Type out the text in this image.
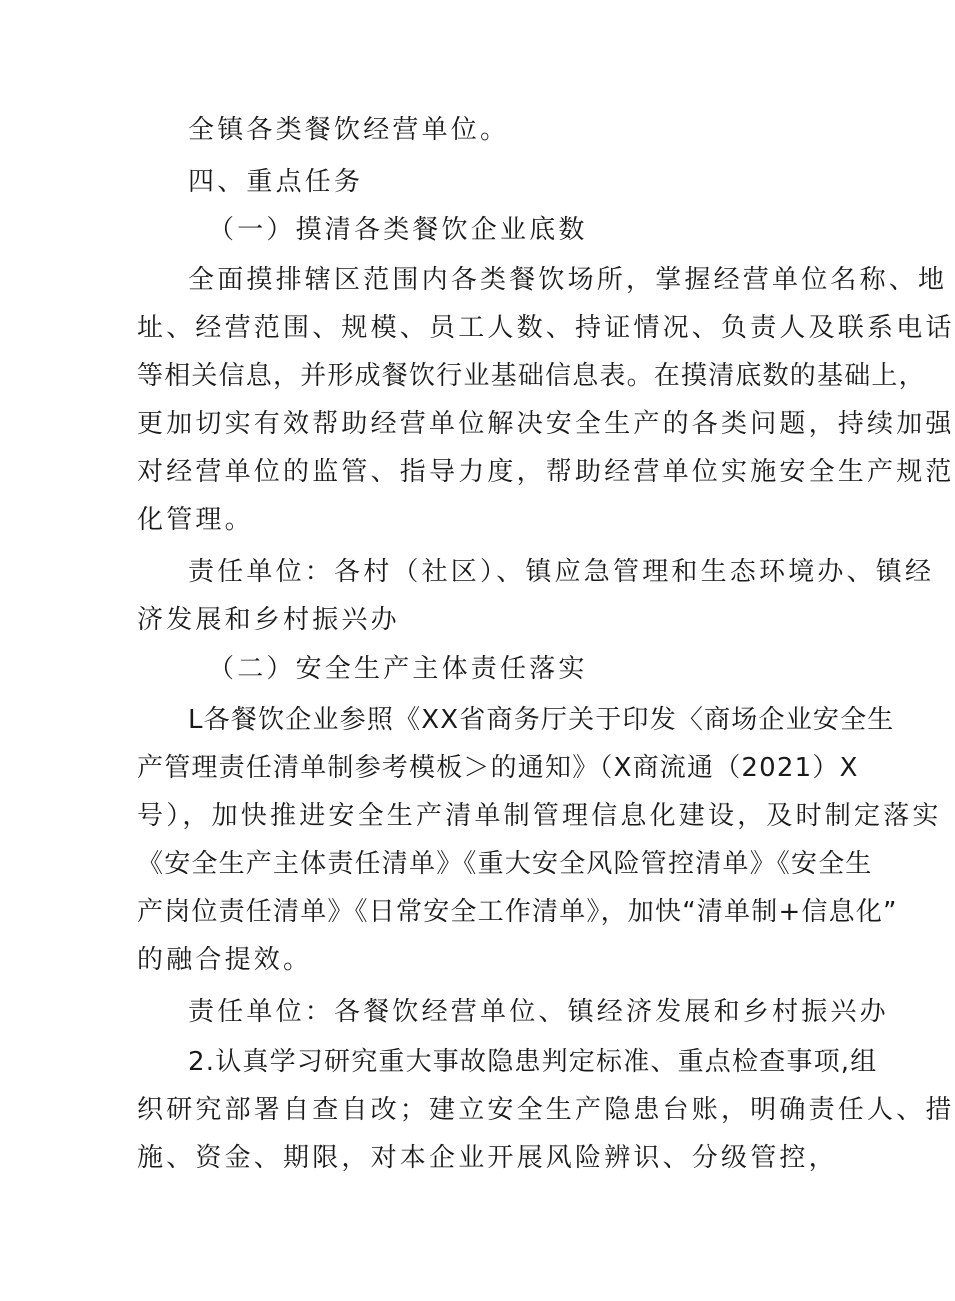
全镇各类餐饮经营单位。
四、重点任务
（一）摸清各类餐饮企业底数
全面摸排辖区范围内各类餐饮场所，掌握经营单位名称、地
址、经营范围、规模、员工人数、持证情况、负责人及联系电话
等相关信息，并形成餐饮行业基础信息表。在摸清底数的基础上，
更加切实有效帮助经营单位解决安全生产的各类问题，持续加强
对经营单位的监管、指导力度，帮助经营单位实施安全生产规范
化管理。
责任单位：各村（社区）、镇应急管理和生态环境办、镇经
济发展和乡村振兴办
（二）安全生产主体责任落实
L各餐饮企业参照《XX省商务厅关于印发〈商场企业安全生
产管理责任清单制参考模板＞的通知》（X商流通（2021）X
号），加快推进安全生产清单制管理信息化建设，及时制定落实
《安全生产主体责任清单》《重大安全风险管控清单》《安全生
产岗位责任清单》《日常安全工作清单》，加快“清单制+信息化”
的融合提效。
责任单位：各餐饮经营单位、镇经济发展和乡村振兴办
2.认真学习研究重大事故隐患判定标准、重点检查事项,组
织研究部署自查自改；建立安全生产隐患台账，明确责任人、措
施、资金、期限，对本企业开展风险辨识、分级管控，
